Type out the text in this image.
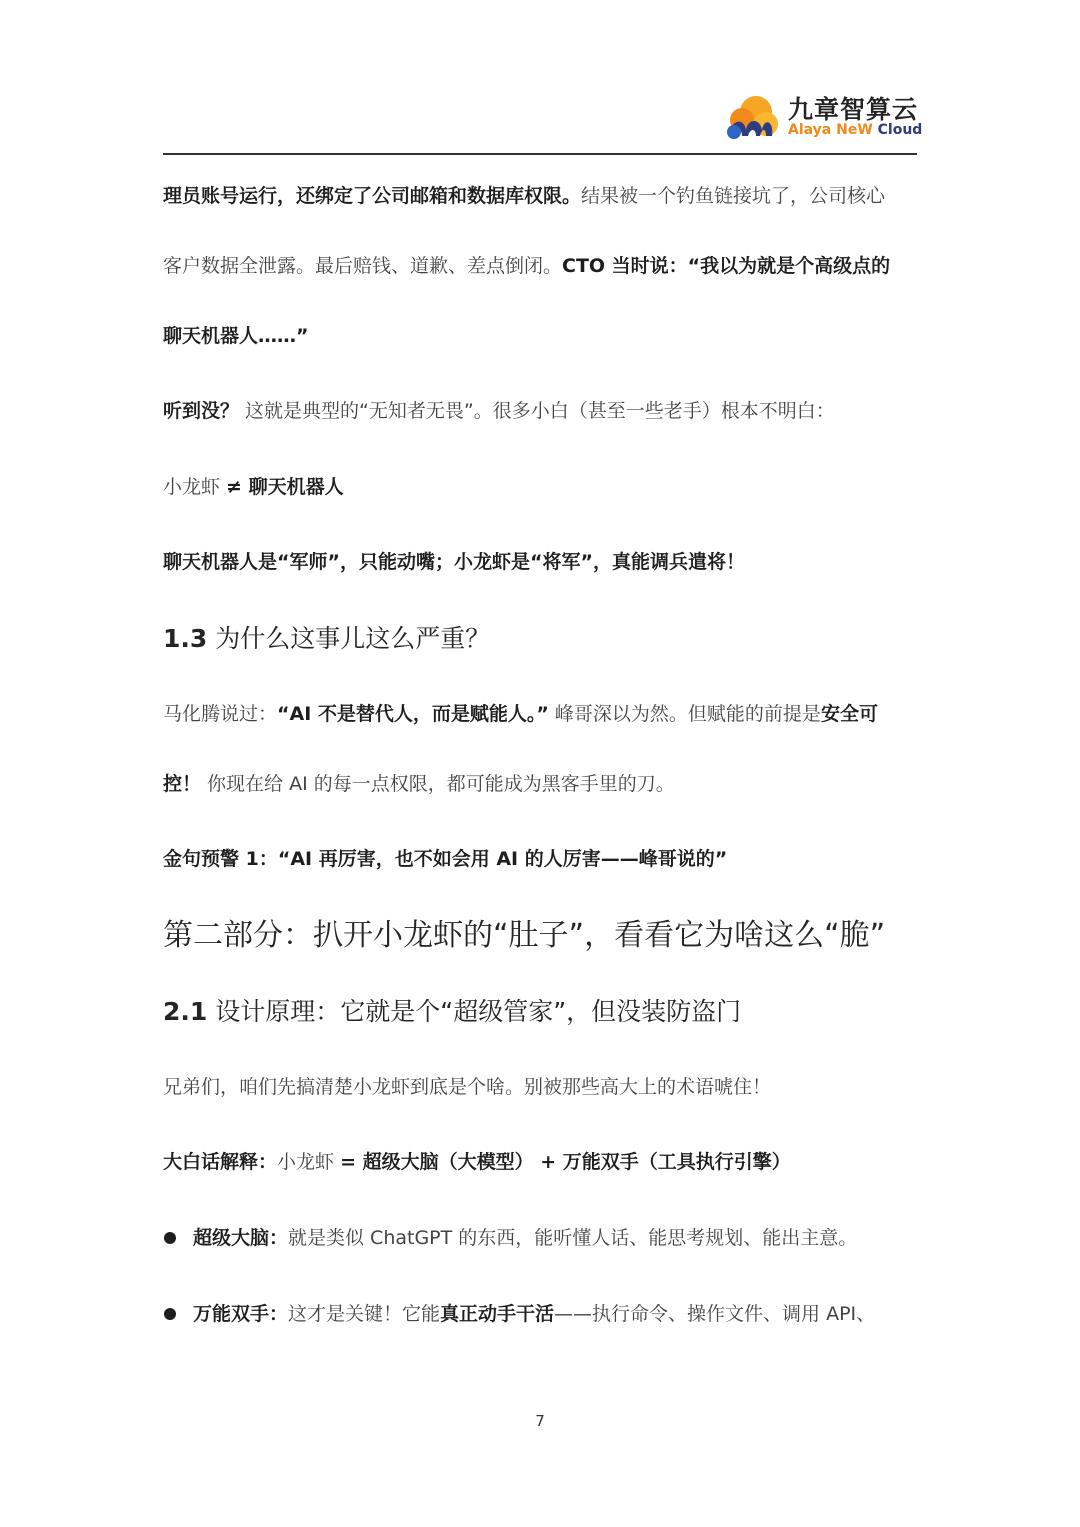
九章智算云
Alaya NeW Cloud
理员账号运行，还绑定了公司邮箱和数据库权限。结果被一个钓鱼链接坑了，公司核心
客户数据全泄露。最后赔钱、道歉、差点倒闭。CTO 当时说：“我以为就是个高级点的
聊天机器人……”
听到没？ 这就是典型的“无知者无畏”。很多小白（甚至一些老手）根本不明白：
小龙虾 ≠ 聊天机器人
聊天机器人是“军师”，只能动嘴；小龙虾是“将军”，真能调兵遣将！
1.3 为什么这事儿这么严重？
马化腾说过：“AI 不是替代人，而是赋能人。” 峰哥深以为然。但赋能的前提是安全可
控！ 你现在给 AI 的每一点权限，都可能成为黑客手里的刀。
金句预警 1：“AI 再厉害，也不如会用 AI 的人厉害——峰哥说的”
第二部分：扒开小龙虾的“肚子”，看看它为啥这么“脆”
2.1 设计原理：它就是个“超级管家”，但没装防盗门
兄弟们，咱们先搞清楚小龙虾到底是个啥。别被那些高大上的术语唬住！
大白话解释：小龙虾 = 超级大脑（大模型） + 万能双手（工具执行引擎）
超级大脑：就是类似 ChatGPT 的东西，能听懂人话、能思考规划、能出主意。
万能双手：这才是关键！它能真正动手干活——执行命令、操作文件、调用 API、
7
